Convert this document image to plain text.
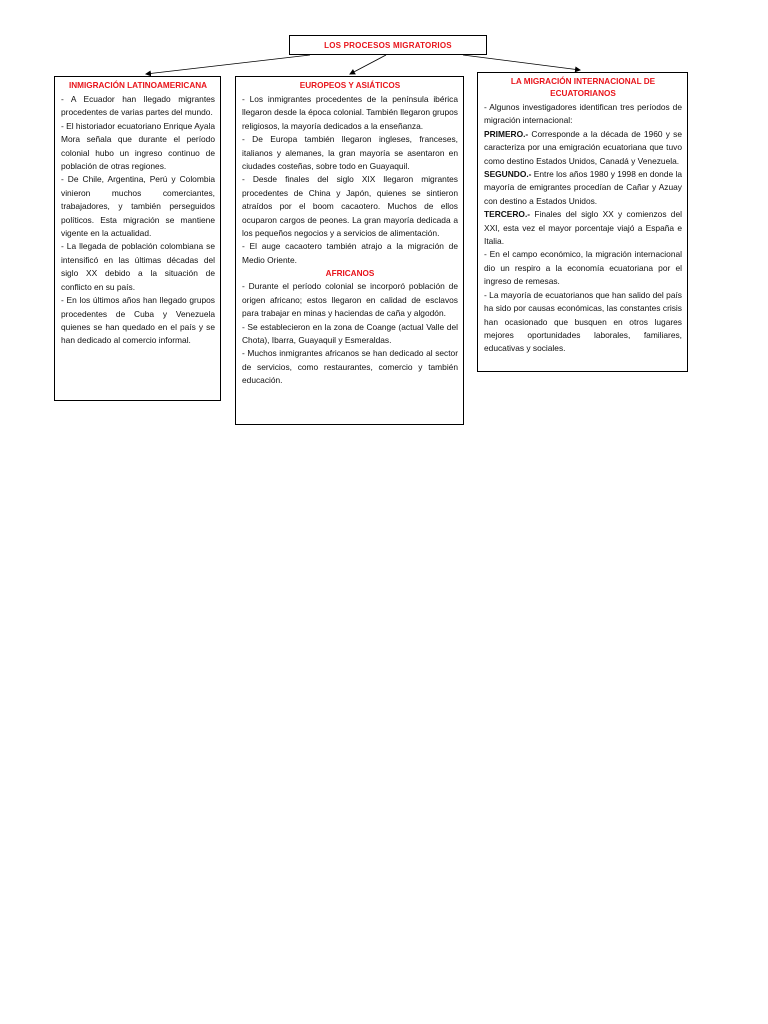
LOS PROCESOS MIGRATORIOS

INMIGRACIÓN LATINOAMERICANA

- A Ecuador han llegado migrantes procedentes de varias partes del mundo.

- El historiador ecuatoriano Enrique Ayala Mora señala que durante el período colonial hubo un ingreso continuo de población de otras regiones.

- De Chile, Argentina, Perú y Colombia vinieron muchos comerciantes, trabajadores, y también perseguidos políticos. Esta migración se mantiene vigente en la actualidad.

- La llegada de población colombiana se intensificó en las últimas décadas del siglo XX debido a la situación de conflicto en su país.

- En los últimos años han llegado grupos procedentes de Cuba y Venezuela quienes se han quedado en el país y se han dedicado al comercio informal.

EUROPEOS Y ASIÁTICOS

- Los inmigrantes procedentes de la península ibérica llegaron desde la época colonial. También llegaron grupos religiosos, la mayoría dedicados a la enseñanza.

- De Europa también llegaron ingleses, franceses, italianos y alemanes, la gran mayoría se asentaron en ciudades costeñas, sobre todo en Guayaquil.

- Desde finales del siglo XIX llegaron migrantes procedentes de China y Japón, quienes se sintieron atraídos por el boom cacaotero. Muchos de ellos ocuparon cargos de peones. La gran mayoría dedicada a los pequeños negocios y a servicios de alimentación.

- El auge cacaotero también atrajo a la migración de Medio Oriente.

AFRICANOS

- Durante el período colonial se incorporó población de origen africano; estos llegaron en calidad de esclavos para trabajar en minas y haciendas de caña y algodón.

- Se establecieron en la zona de Coange (actual Valle del Chota), Ibarra, Guayaquil y Esmeraldas.

- Muchos inmigrantes africanos se han dedicado al sector de servicios, como restaurantes, comercio y también educación.

LA MIGRACIÓN INTERNACIONAL DE ECUATORIANOS

- Algunos investigadores identifican tres períodos de migración internacional:

PRIMERO.- Corresponde a la década de 1960 y se caracteriza por una emigración ecuatoriana que tuvo como destino Estados Unidos, Canadá y Venezuela.

SEGUNDO.- Entre los años 1980 y 1998 en donde la mayoría de emigrantes procedían de Cañar y Azuay con destino a Estados Unidos.

TERCERO.- Finales del siglo XX y comienzos del XXI, esta vez el mayor porcentaje viajó a España e Italia.

- En el campo económico, la migración internacional dio un respiro a la economía ecuatoriana por el ingreso de remesas.

- La mayoría de ecuatorianos que han salido del país ha sido por causas económicas, las constantes crisis han ocasionado que busquen en otros lugares mejores oportunidades laborales, familiares, educativas y sociales.
